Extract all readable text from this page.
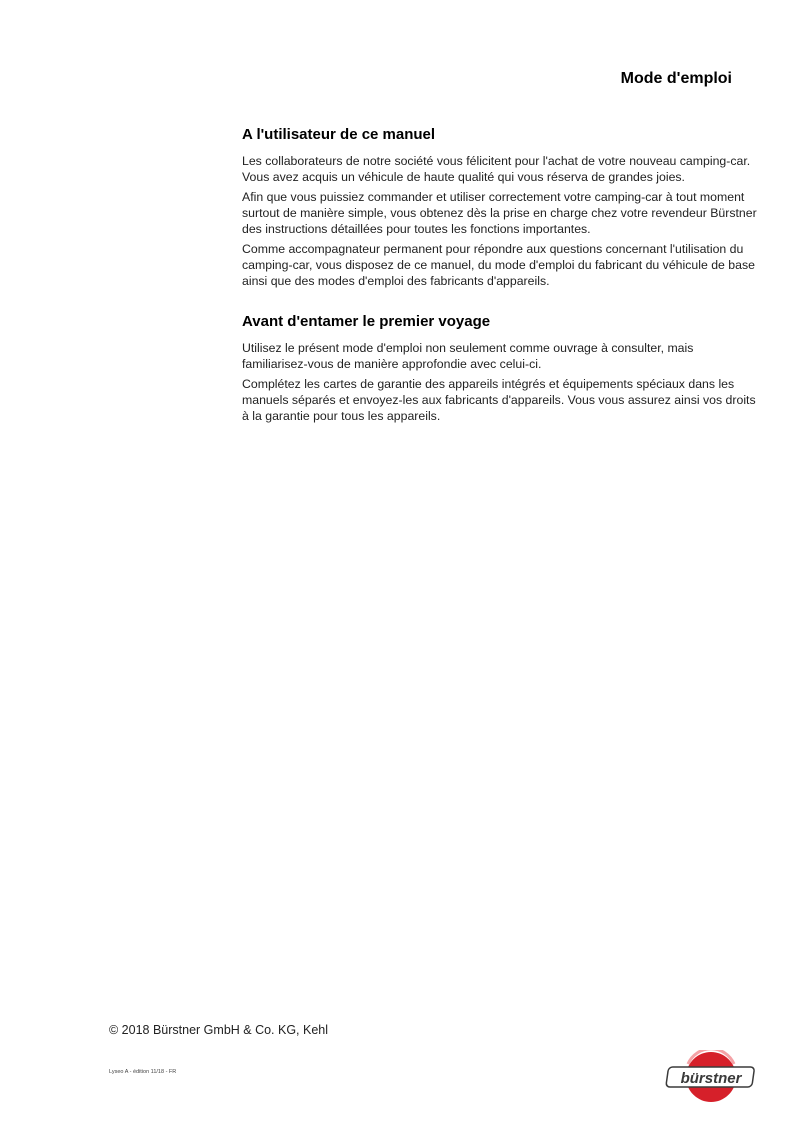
Mode d'emploi
A l'utilisateur de ce manuel

Les collaborateurs de notre société vous félicitent pour l'achat de votre nouveau camping-car. Vous avez acquis un véhicule de haute qualité qui vous réserva de grandes joies.

Afin que vous puissiez commander et utiliser correctement votre camping-car à tout moment surtout de manière simple, vous obtenez dès la prise en charge chez votre revendeur Bürstner des instructions détaillées pour toutes les fonctions importantes.

Comme accompagnateur permanent pour répondre aux questions concernant l'utilisation du camping-car, vous disposez de ce manuel, du mode d'emploi du fabricant du véhicule de base ainsi que des modes d'emploi des fabricants d'appareils.

Avant d'entamer le premier voyage

Utilisez le présent mode d'emploi non seulement comme ouvrage à consulter, mais familiarisez-vous de manière approfondie avec celui-ci.

Complétez les cartes de garantie des appareils intégrés et équipements spéciaux dans les manuels séparés et envoyez-les aux fabricants d'appareils. Vous vous assurez ainsi vos droits à la garantie pour tous les appareils.

© 2018 Bürstner GmbH & Co. KG, Kehl
Lyseo A - édition 11/18 - FR	bürstner
